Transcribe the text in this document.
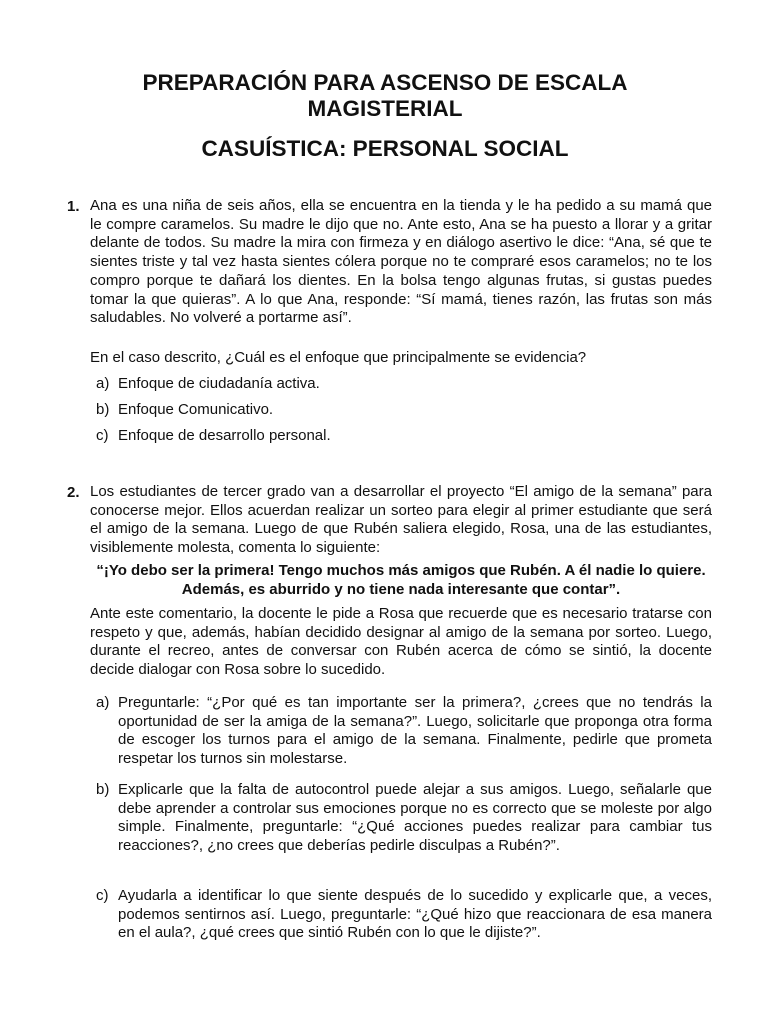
PREPARACIÓN PARA ASCENSO DE ESCALA
MAGISTERIAL
CASUÍSTICA: PERSONAL SOCIAL
1. Ana es una niña de seis años, ella se encuentra en la tienda y le ha pedido a su mamá que le compre caramelos. Su madre le dijo que no. Ante esto, Ana se ha puesto a llorar y a gritar delante de todos. Su madre la mira con firmeza y en diálogo asertivo le dice: “Ana, sé que te sientes triste y tal vez hasta sientes cólera porque no te compraré esos caramelos; no te los compro porque te dañará los dientes. En la bolsa tengo algunas frutas, si gustas puedes tomar la que quieras”. A lo que Ana, responde: “Sí mamá, tienes razón, las frutas son más saludables. No volveré a portarme así”.

En el caso descrito, ¿Cuál es el enfoque que principalmente se evidencia?

a) Enfoque de ciudadanía activa.
b) Enfoque Comunicativo.
c) Enfoque de desarrollo personal.
2. Los estudiantes de tercer grado van a desarrollar el proyecto “El amigo de la semana” para conocerse mejor. Ellos acuerdan realizar un sorteo para elegir al primer estudiante que será el amigo de la semana. Luego de que Rubén saliera elegido, Rosa, una de las estudiantes, visiblemente molesta, comenta lo siguiente:

“¡Yo debo ser la primera! Tengo muchos más amigos que Rubén. A él nadie lo quiere. Además, es aburrido y no tiene nada interesante que contar”.

Ante este comentario, la docente le pide a Rosa que recuerde que es necesario tratarse con respeto y que, además, habían decidido designar al amigo de la semana por sorteo. Luego, durante el recreo, antes de conversar con Rubén acerca de cómo se sintió, la docente decide dialogar con Rosa sobre lo sucedido.

a) Preguntarle: “¿Por qué es tan importante ser la primera?, ¿crees que no tendrás la oportunidad de ser la amiga de la semana?”. Luego, solicitarle que proponga otra forma de escoger los turnos para el amigo de la semana. Finalmente, pedirle que prometa respetar los turnos sin molestarse.
b) Explicarle que la falta de autocontrol puede alejar a sus amigos. Luego, señalarle que debe aprender a controlar sus emociones porque no es correcto que se moleste por algo simple. Finalmente, preguntarle: “¿Qué acciones puedes realizar para cambiar tus reacciones?, ¿no crees que deberías pedirle disculpas a Rubén?”.
c) Ayudarla a identificar lo que siente después de lo sucedido y explicarle que, a veces, podemos sentirnos así. Luego, preguntarle: “¿Qué hizo que reaccionara de esa manera en el aula?, ¿qué crees que sintió Rubén con lo que le dijiste?”.
